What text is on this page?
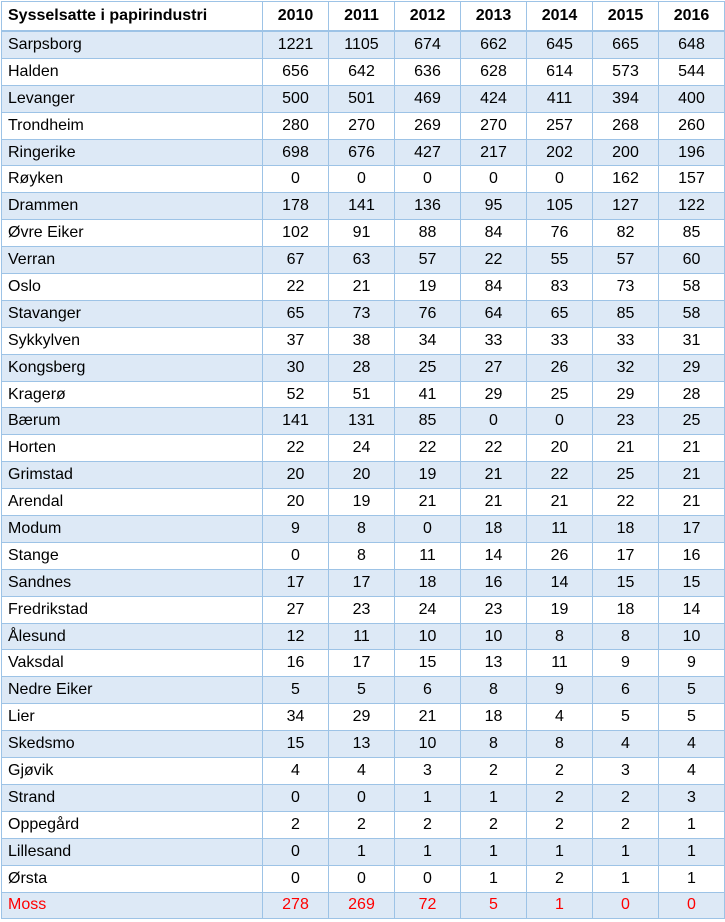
Sysselsatte i papirindustri	2010	2011	2012	2013	2014	2015	2016
Sarpsborg	1221	1105	674	662	645	665	648
Halden	656	642	636	628	614	573	544
Levanger	500	501	469	424	411	394	400
Trondheim	280	270	269	270	257	268	260
Ringerike	698	676	427	217	202	200	196
Røyken	0	0	0	0	0	162	157
Drammen	178	141	136	95	105	127	122
Øvre Eiker	102	91	88	84	76	82	85
Verran	67	63	57	22	55	57	60
Oslo	22	21	19	84	83	73	58
Stavanger	65	73	76	64	65	85	58
Sykkylven	37	38	34	33	33	33	31
Kongsberg	30	28	25	27	26	32	29
Kragerø	52	51	41	29	25	29	28
Bærum	141	131	85	0	0	23	25
Horten	22	24	22	22	20	21	21
Grimstad	20	20	19	21	22	25	21
Arendal	20	19	21	21	21	22	21
Modum	9	8	0	18	11	18	17
Stange	0	8	11	14	26	17	16
Sandnes	17	17	18	16	14	15	15
Fredrikstad	27	23	24	23	19	18	14
Ålesund	12	11	10	10	8	8	10
Vaksdal	16	17	15	13	11	9	9
Nedre Eiker	5	5	6	8	9	6	5
Lier	34	29	21	18	4	5	5
Skedsmo	15	13	10	8	8	4	4
Gjøvik	4	4	3	2	2	3	4
Strand	0	0	1	1	2	2	3
Oppegård	2	2	2	2	2	2	1
Lillesand	0	1	1	1	1	1	1
Ørsta	0	0	0	1	2	1	1
Moss	278	269	72	5	1	0	0
